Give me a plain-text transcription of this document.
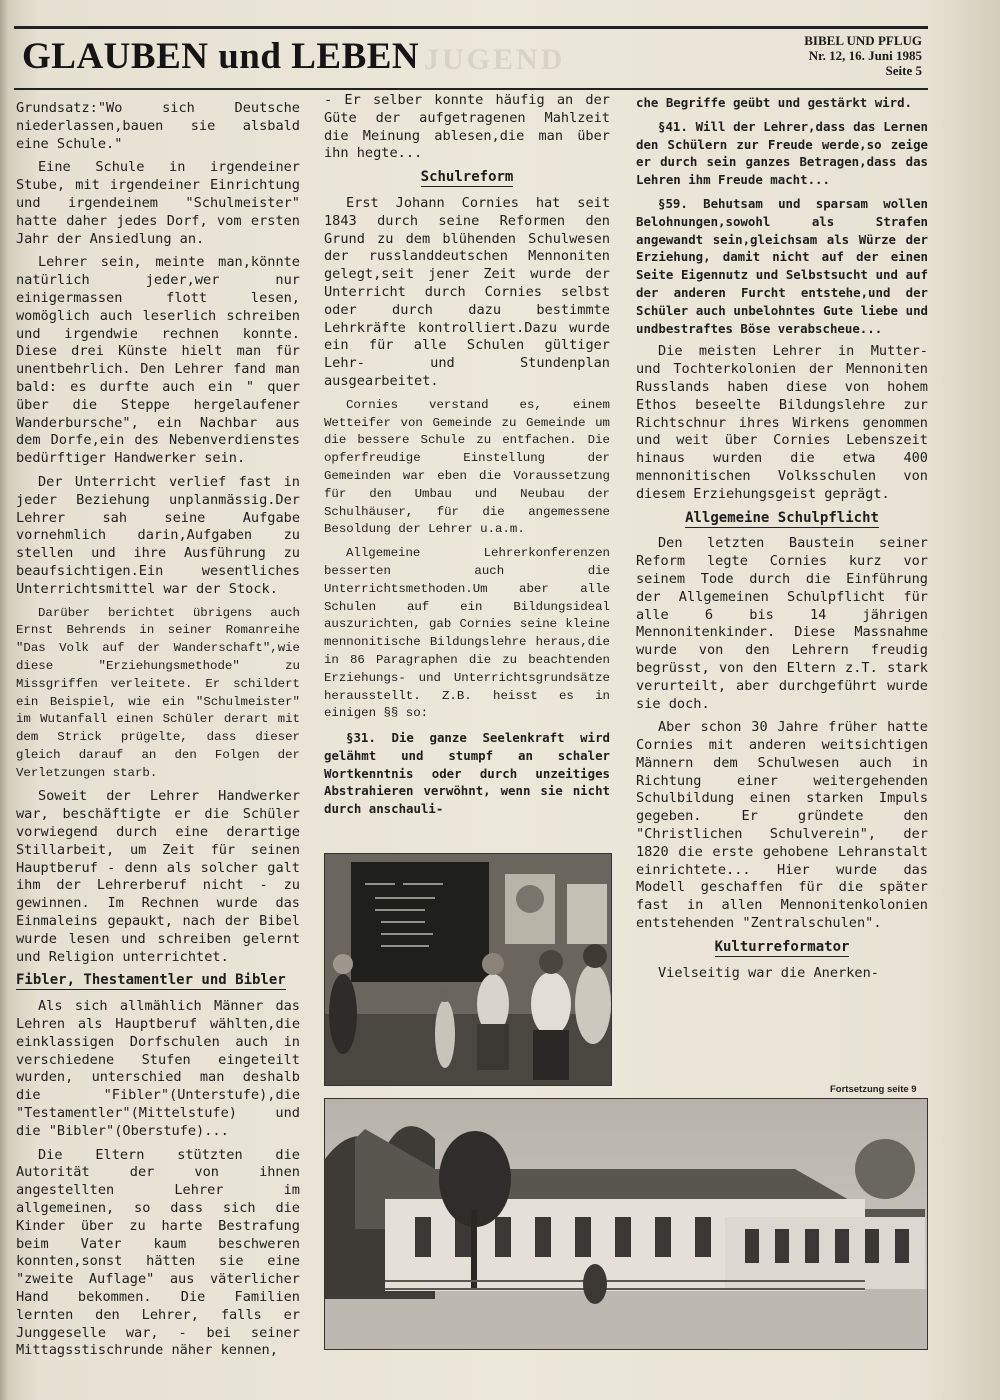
GLAUBEN und LEBEN JUGEND
BIBEL UND PFLUG
Nr. 12, 16. Juni 1985
Seite 5

Grundsatz:"Wo sich Deutsche niederlassen,bauen sie alsbald eine Schule."

Eine Schule in irgendeiner Stube, mit irgendeiner Einrichtung und irgendeinem "Schulmeister" hatte daher jedes Dorf, vom ersten Jahr der Ansiedlung an.

Lehrer sein, meinte man,könnte natürlich jeder,wer nur einigermassen flott lesen, womöglich auch leserlich schreiben und irgendwie rechnen konnte. Diese drei Künste hielt man für unentbehrlich. Den Lehrer fand man bald: es durfte auch ein " quer über die Steppe hergelaufener Wanderbursche", ein Nachbar aus dem Dorfe,ein des Nebenverdienstes bedürftiger Handwerker sein.

Der Unterricht verlief fast in jeder Beziehung unplanmässig.Der Lehrer sah seine Aufgabe vornehmlich darin,Aufgaben zu stellen und ihre Ausführung zu beaufsichtigen.Ein wesentliches Unterrichtsmittel war der Stock.

Darüber berichtet übrigens auch Ernst Behrends in seiner Romanreihe "Das Volk auf der Wanderschaft",wie diese "Erziehungsmethode" zu Missgriffen verleitete. Er schildert ein Beispiel, wie ein "Schulmeister" im Wutanfall einen Schüler derart mit dem Strick prügelte, dass dieser gleich darauf an den Folgen der Verletzungen starb.

Soweit der Lehrer Handwerker war, beschäftigte er die Schüler vorwiegend durch eine derartige Stillarbeit, um Zeit für seinen Hauptberuf - denn als solcher galt ihm der Lehrerberuf nicht - zu gewinnen. Im Rechnen wurde das Einmaleins gepaukt, nach der Bibel wurde lesen und schreiben gelernt und Religion unterrichtet.

Fibler, Thestamentler und Bibler

Als sich allmählich Männer das Lehren als Hauptberuf wählten,die einklassigen Dorfschulen auch in verschiedene Stufen eingeteilt wurden, unterschied man deshalb die "Fibler"(Unterstufe),die "Testamentler"(Mittelstufe) und die "Bibler"(Oberstufe)...

Die Eltern stützten die Autorität der von ihnen angestellten Lehrer im allgemeinen, so dass sich die Kinder über zu harte Bestrafung beim Vater kaum beschweren konnten,sonst hätten sie eine "zweite Auflage" aus väterlicher Hand bekommen. Die Familien lernten den Lehrer, falls er Junggeselle war, - bei seiner Mittagsstischrunde näher kennen,

- Er selber konnte häufig an der Güte der aufgetragenen Mahlzeit die Meinung ablesen,die man über ihn hegte...

Schulreform

Erst Johann Cornies hat seit 1843 durch seine Reformen den Grund zu dem blühenden Schulwesen der russlanddeutschen Mennoniten gelegt,seit jener Zeit wurde der Unterricht durch Cornies selbst oder durch dazu bestimmte Lehrkräfte kontrolliert.Dazu wurde ein für alle Schulen gültiger Lehr- und Stundenplan ausgearbeitet.

Cornies verstand es, einem Wetteifer von Gemeinde zu Gemeinde um die bessere Schule zu entfachen. Die opferfreudige Einstellung der Gemeinden war eben die Voraussetzung für den Umbau und Neubau der Schulhäuser, für die angemessene Besoldung der Lehrer u.a.m.

Allgemeine Lehrerkonferenzen besserten auch die Unterrichtsmethoden.Um aber alle Schulen auf ein Bildungsideal auszurichten, gab Cornies seine kleine mennonitische Bildungslehre heraus,die in 86 Paragraphen die zu beachtenden Erziehungs- und Unterrichtsgrundsätze herausstellt. Z.B. heisst es in einigen §§ so:

§31. Die ganze Seelenkraft wird gelähmt und stumpf an schaler Wortkenntnis oder durch unzeitiges Abstrahieren verwöhnt, wenn sie nicht durch anschauli-

che Begriffe geübt und gestärkt wird.

§41. Will der Lehrer,dass das Lernen den Schülern zur Freude werde,so zeige er durch sein ganzes Betragen,dass das Lehren ihm Freude macht...

§59. Behutsam und sparsam wollen Belohnungen,sowohl als Strafen angewandt sein,gleichsam als Würze der Erziehung, damit nicht auf der einen Seite Eigennutz und Selbstsucht und auf der anderen Furcht entstehe,und der Schüler auch unbelohntes Gute liebe und undbestraftes Böse verabscheue...

Die meisten Lehrer in Mutter- und Tochterkolonien der Mennoniten Russlands haben diese von hohem Ethos beseelte Bildungslehre zur Richtschnur ihres Wirkens genommen und weit über Cornies Lebenszeit hinaus wurden die etwa 400 mennonitischen Volksschulen von diesem Erziehungsgeist geprägt.

Allgemeine Schulpflicht

Den letzten Baustein seiner Reform legte Cornies kurz vor seinem Tode durch die Einführung der Allgemeinen Schulpflicht für alle 6 bis 14 jährigen Mennonitenkinder. Diese Massnahme wurde von den Lehrern freudig begrüsst, von den Eltern z.T. stark verurteilt, aber durchgeführt wurde sie doch.

Aber schon 30 Jahre früher hatte Cornies mit anderen weitsichtigen Männern dem Schulwesen auch in Richtung einer weitergehenden Schulbildung einen starken Impuls gegeben. Er gründete den "Christlichen Schulverein", der 1820 die erste gehobene Lehranstalt einrichtete... Hier wurde das Modell geschaffen für die später fast in allen Mennonitenkolonien entstehenden "Zentralschulen".

Kulturreformator

Vielseitig war die Anerken-

Fortsetzung seite 9
